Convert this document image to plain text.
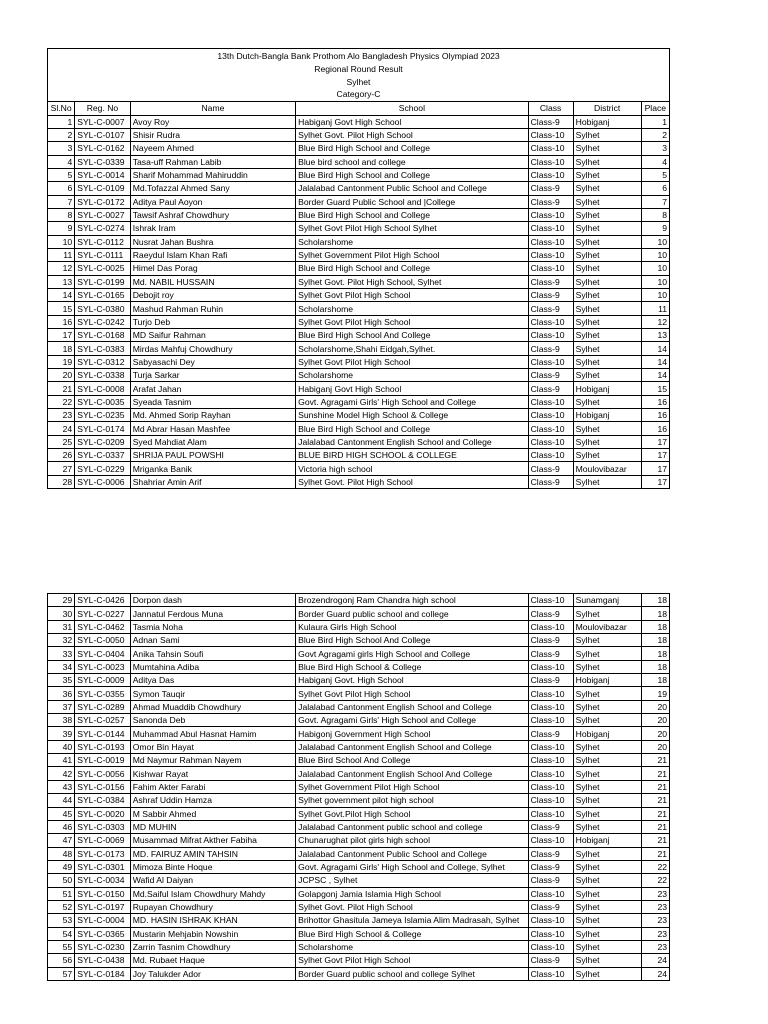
13th Dutch-Bangla Bank Prothom Alo Bangladesh Physics Olympiad 2023
Regional Round Result
Sylhet
Category-C
Sl.No	Reg. No	Name	School	Class	District	Place
1	SYL-C-0007	Avoy Roy	Habiganj Govt High School	Class-9	Hobiganj	1
2	SYL-C-0107	Shisir Rudra	Sylhet Govt. Pilot High School	Class-10	Sylhet	2
3	SYL-C-0162	Nayeem Ahmed	Blue Bird High School and College	Class-10	Sylhet	3
4	SYL-C-0339	Tasa-uff Rahman Labib	Blue bird school and college	Class-10	Sylhet	4
5	SYL-C-0014	Sharif Mohammad Mahiruddin	Blue Bird High School and College	Class-10	Sylhet	5
6	SYL-C-0109	Md.Tofazzal Ahmed Sany	Jalalabad Cantonment Public School and College	Class-9	Sylhet	6
7	SYL-C-0172	Aditya Paul Aoyon	Border Guard Public School and |College	Class-9	Sylhet	7
8	SYL-C-0027	Tawsif Ashraf Chowdhury	Blue Bird High School and College	Class-10	Sylhet	8
9	SYL-C-0274	Ishrak Iram	Sylhet Govt Pilot High School Sylhet	Class-10	Sylhet	9
10	SYL-C-0112	Nusrat Jahan Bushra	Scholarshome	Class-10	Sylhet	10
11	SYL-C-0111	Raeydul Islam Khan Rafi	Sylhet Government Pilot High School	Class-10	Sylhet	10
12	SYL-C-0025	Himel Das Porag	Blue Bird High School and College	Class-10	Sylhet	10
13	SYL-C-0199	Md. NABIL HUSSAIN	Sylhet Govt. Pilot High School, Sylhet	Class-9	Sylhet	10
14	SYL-C-0165	Debojit roy	Sylhet Govt Pilot High School	Class-9	Sylhet	10
15	SYL-C-0380	Mashud Rahman Ruhin	Scholarshome	Class-9	Sylhet	11
16	SYL-C-0242	Turjo Deb	Sylhet Govt Pilot High School	Class-10	Sylhet	12
17	SYL-C-0168	MD Saifur Rahman	Blue Bird High School And College	Class-10	Sylhet	13
18	SYL-C-0383	Mirdas Mahfuj Chowdhury	Scholarshome,Shahi Eidgah,Sylhet.	Class-9	Sylhet	14
19	SYL-C-0312	Sabyasachi Dey	Sylhet Govt Pilot High School	Class-10	Sylhet	14
20	SYL-C-0338	Turja Sarkar	Scholarshome	Class-9	Sylhet	14
21	SYL-C-0008	Arafat Jahan	Habiganj Govt High School	Class-9	Hobiganj	15
22	SYL-C-0035	Syeada Tasnim	Govt. Agragami Girls' High School and College	Class-10	Sylhet	16
23	SYL-C-0235	Md. Ahmed Sorip Rayhan	Sunshine Model High School & College	Class-10	Hobiganj	16
24	SYL-C-0174	Md Abrar Hasan Mashfee	Blue Bird High School and College	Class-10	Sylhet	16
25	SYL-C-0209	Syed Mahdiat Alam	Jalalabad Cantonment English School and College	Class-10	Sylhet	17
26	SYL-C-0337	SHRIJA PAUL POWSHI	BLUE BIRD HIGH SCHOOL & COLLEGE	Class-10	Sylhet	17
27	SYL-C-0229	Mriganka Banik	Victoria high school	Class-9	Moulovibazar	17
28	SYL-C-0006	Shahriar Amin Arif	Sylhet Govt. Pilot High School	Class-9	Sylhet	17
29	SYL-C-0426	Dorpon dash	Brozendrogonj Ram Chandra high school	Class-10	Sunamganj	18
30	SYL-C-0227	Jannatul Ferdous Muna	Border Guard public school and college	Class-9	Sylhet	18
31	SYL-C-0462	Tasmia Noha	Kulaura Girls High School	Class-10	Moulovibazar	18
32	SYL-C-0050	Adnan Sami	Blue Bird High School And College	Class-9	Sylhet	18
33	SYL-C-0404	Anika Tahsin Soufi	Govt Agragami girls High School and College	Class-9	Sylhet	18
34	SYL-C-0023	Mumtahina Adiba	Blue Bird High School & College	Class-10	Sylhet	18
35	SYL-C-0009	Aditya Das	Habiganj Govt. High School	Class-9	Hobiganj	18
36	SYL-C-0355	Symon Tauqir	Sylhet Govt Pilot High School	Class-10	Sylhet	19
37	SYL-C-0289	Ahmad Muaddib Chowdhury	Jalalabad Cantonment English School and College	Class-10	Sylhet	20
38	SYL-C-0257	Sanonda Deb	Govt. Agragami Girls' High School and College	Class-10	Sylhet	20
39	SYL-C-0144	Muhammad Abul Hasnat Hamim	Habigonj Government High School	Class-9	Hobiganj	20
40	SYL-C-0193	Omor Bin Hayat	Jalalabad Cantonment English School and College	Class-10	Sylhet	20
41	SYL-C-0019	Md Naymur Rahman Nayem	Blue Bird School And College	Class-10	Sylhet	21
42	SYL-C-0056	Kishwar Rayat	Jalalabad Cantonment English School And College	Class-10	Sylhet	21
43	SYL-C-0156	Fahim Akter Farabi	Sylhet Government Pilot High School	Class-10	Sylhet	21
44	SYL-C-0384	Ashraf Uddin Hamza	Sylhet government pilot high school	Class-10	Sylhet	21
45	SYL-C-0020	M Sabbir Ahmed	Sylhet Govt.Pilot High School	Class-10	Sylhet	21
46	SYL-C-0303	MD MUHIN	Jalalabad Cantonment public school and college	Class-9	Sylhet	21
47	SYL-C-0069	Musammad Mifrat Akther Fabiha	Chunarughat pilot girls high school	Class-10	Hobiganj	21
48	SYL-C-0173	MD. FAIRUZ AMIN TAHSIN	Jalalabad Cantonment Public School and College	Class-9	Sylhet	21
49	SYL-C-0301	Mimoza Binte Hoque	Govt. Agragami Girls' High School and College, Sylhet	Class-9	Sylhet	22
50	SYL-C-0034	Wafid Al Daiyan	JCPSC , Sylhet	Class-9	Sylhet	22
51	SYL-C-0150	Md.Saiful Islam Chowdhury Mahdy	Golapgonj Jamia Islamia High School	Class-10	Sylhet	23
52	SYL-C-0197	Rupayan Chowdhury	Sylhet Govt. Pilot High School	Class-9	Sylhet	23
53	SYL-C-0004	MD. HASIN ISHRAK KHAN	Brihottor Ghasitula Jameya Islamia Alim Madrasah, Sylhet	Class-10	Sylhet	23
54	SYL-C-0365	Mustarin Mehjabin Nowshin	Blue Bird High School & College	Class-10	Sylhet	23
55	SYL-C-0230	Zarrin Tasnim Chowdhury	Scholarshome	Class-10	Sylhet	23
56	SYL-C-0438	Md. Rubaet Haque	Sylhet Govt Pilot High School	Class-9	Sylhet	24
57	SYL-C-0184	Joy Talukder Ador	Border Guard public school and college Sylhet	Class-10	Sylhet	24
